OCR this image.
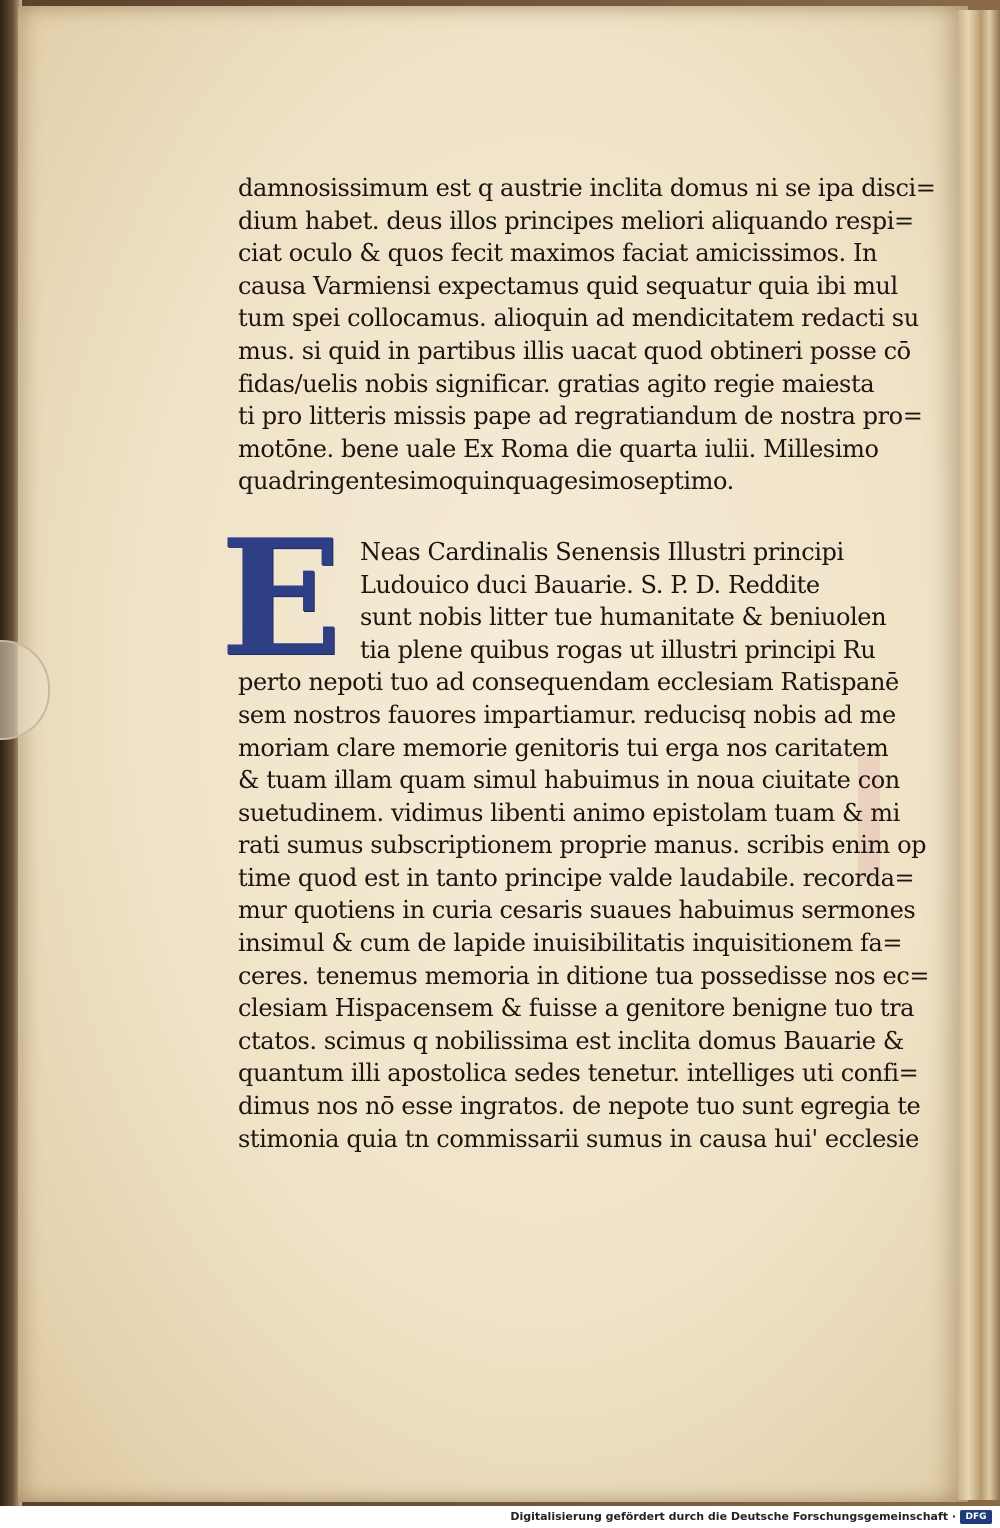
damnosissimum est q austrie inclita domus ni se ipa disci=
dium habet. deus illos principes meliori aliquando respi=
ciat oculo & quos fecit maximos faciat amicissimos. In
causa Varmiensi expectamus quid sequatur quia ibi mul
tum spei collocamus. alioquin ad mendicitatem redacti su
mus. si quid in partibus illis uacat quod obtineri posse cō
fidas/uelis nobis significar. gratias agito regie maiesta
ti pro litteris missis pape ad regratiandum de nostra pro=
motōne. bene uale Ex Roma die quarta iulii. Millesimo
quadringentesimoquinquagesimoseptimo.
E Neas Cardinalis Senensis Illustri principi
Ludouico duci Bauarie. S. P. D. Reddite
sunt nobis litter tue humanitate & beniuolen
tia plene quibus rogas ut illustri principi Ru
perto nepoti tuo ad consequendam ecclesiam Ratispanē
sem nostros fauores impartiamur. reducisq nobis ad me
moriam clare memorie genitoris tui erga nos caritatem
& tuam illam quam simul habuimus in noua ciuitate con
suetudinem. vidimus libenti animo epistolam tuam & mi
rati sumus subscriptionem proprie manus. scribis enim op
time quod est in tanto principe valde laudabile. recorda=
mur quotiens in curia cesaris suaues habuimus sermones
insimul & cum de lapide inuisibilitatis inquisitionem fa=
ceres. tenemus memoria in ditione tua possedisse nos ec=
clesiam Hispacensem & fuisse a genitore benigne tuo tra
ctatos. scimus q nobilissima est inclita domus Bauarie &
quantum illi apostolica sedes tenetur. intelliges uti confi=
dimus nos nō esse ingratos. de nepote tuo sunt egregia te
stimonia quia tn commissarii sumus in causa hui' ecclesie
Digitalisierung gefördert durch die Deutsche Forschungsgemeinschaft ·	DFG
